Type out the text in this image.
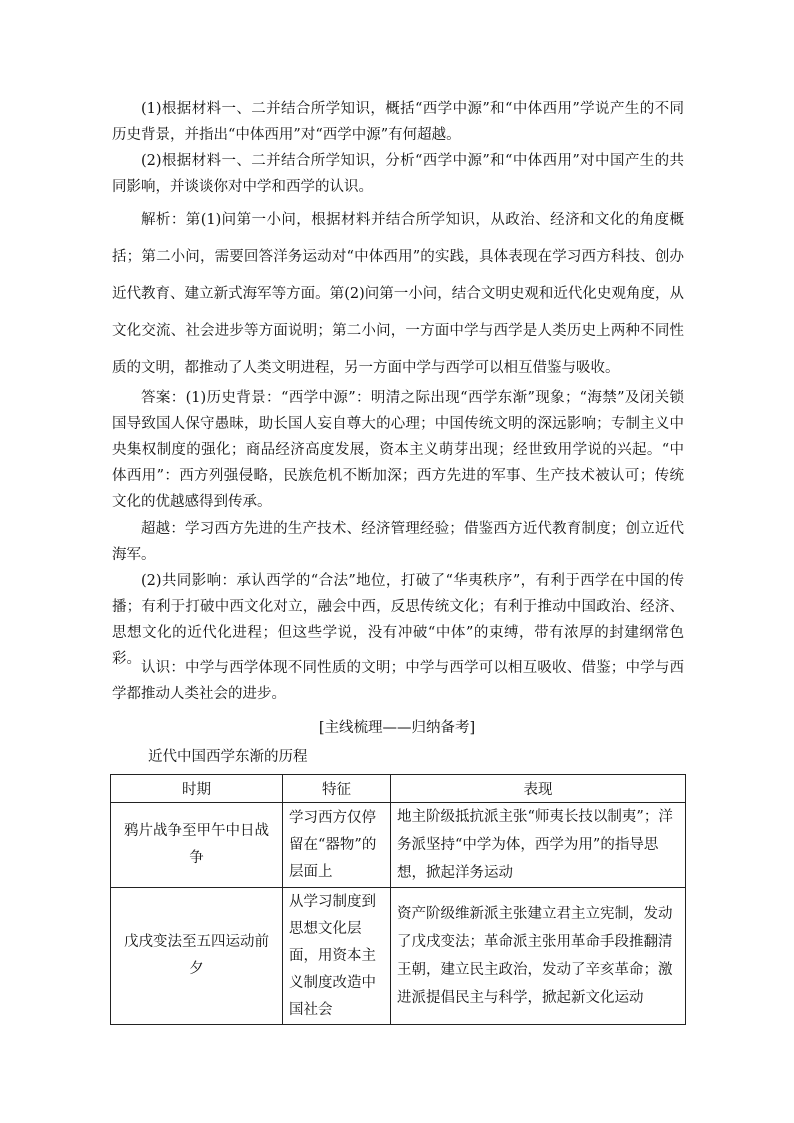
(1)根据材料一、二并结合所学知识，概括“西学中源”和“中体西用”学说产生的不同历史背景，并指出“中体西用”对“西学中源”有何超越。

(2)根据材料一、二并结合所学知识，分析“西学中源”和“中体西用”对中国产生的共同影响，并谈谈你对中学和西学的认识。

解析：第(1)问第一小问，根据材料并结合所学知识，从政治、经济和文化的角度概括；第二小问，需要回答洋务运动对“中体西用”的实践，具体表现在学习西方科技、创办近代教育、建立新式海军等方面。第(2)问第一小问，结合文明史观和近代化史观角度，从文化交流、社会进步等方面说明；第二小问，一方面中学与西学是人类历史上两种不同性质的文明，都推动了人类文明进程，另一方面中学与西学可以相互借鉴与吸收。

答案：(1)历史背景：“西学中源”：明清之际出现“西学东渐”现象；“海禁”及闭关锁国导致国人保守愚昧，助长国人妄自尊大的心理；中国传统文明的深远影响；专制主义中央集权制度的强化；商品经济高度发展，资本主义萌芽出现；经世致用学说的兴起。“中体西用”：西方列强侵略，民族危机不断加深；西方先进的军事、生产技术被认可；传统文化的优越感得到传承。

超越：学习西方先进的生产技术、经济管理经验；借鉴西方近代教育制度；创立近代海军。

(2)共同影响：承认西学的“合法”地位，打破了“华夷秩序”，有利于西学在中国的传播；有利于打破中西文化对立，融会中西，反思传统文化；有利于推动中国政治、经济、思想文化的近代化进程；但这些学说，没有冲破“中体”的束缚，带有浓厚的封建纲常色彩。

认识：中学与西学体现不同性质的文明；中学与西学可以相互吸收、借鉴；中学与西学都推动人类社会的进步。

[主线梳理——归纳备考]

近代中国西学东渐的历程

时期	特征	表现
鸦片战争至甲午中日战争	学习西方仅停留在“器物”的层面上	地主阶级抵抗派主张“师夷长技以制夷”；洋务派坚持“中学为体，西学为用”的指导思想，掀起洋务运动
戊戌变法至五四运动前夕	从学习制度到思想文化层面，用资本主义制度改造中国社会	资产阶级维新派主张建立君主立宪制，发动了戊戌变法；革命派主张用革命手段推翻清王朝，建立民主政治，发动了辛亥革命；激进派提倡民主与科学，掀起新文化运动
